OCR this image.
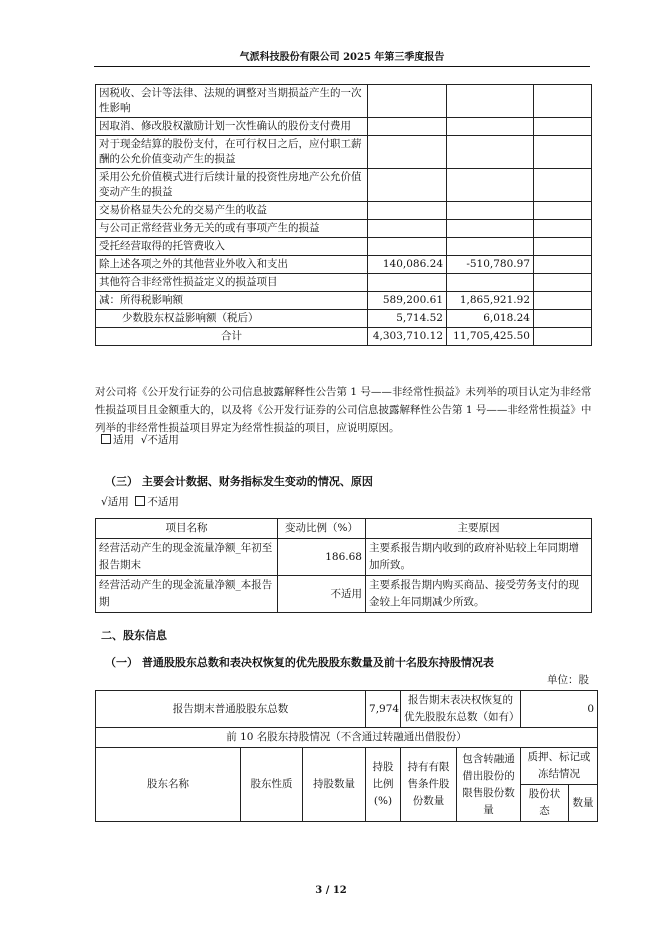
气派科技股份有限公司 2025 年第三季度报告
因税收、会计等法律、法规的调整对当期损益产生的一次性影响			
因取消、修改股权激励计划一次性确认的股份支付费用			
对于现金结算的股份支付，在可行权日之后，应付职工薪酬的公允价值变动产生的损益			
采用公允价值模式进行后续计量的投资性房地产公允价值变动产生的损益			
交易价格显失公允的交易产生的收益			
与公司正常经营业务无关的或有事项产生的损益			
受托经营取得的托管费收入			
除上述各项之外的其他营业外收入和支出	140,086.24	-510,780.97	
其他符合非经常性损益定义的损益项目			
减：所得税影响额	589,200.61	1,865,921.92	
少数股东权益影响额（税后）	5,714.52	6,018.24	
合计	4,303,710.12	11,705,425.50	

对公司将《公开发行证券的公司信息披露解释性公告第 1 号——非经常性损益》未列举的项目认定为非经常性损益项目且金额重大的，以及将《公开发行证券的公司信息披露解释性公告第 1 号——非经常性损益》中列举的非经常性损益项目界定为经常性损益的项目，应说明原因。

适用 √不适用
（三） 主要会计数据、财务指标发生变动的情况、原因
√适用 不适用
项目名称	变动比例（%）	主要原因
经营活动产生的现金流量净额_年初至报告期末	186.68	主要系报告期内收到的政府补贴较上年同期增加所致。
经营活动产生的现金流量净额_本报告期	不适用	主要系报告期内购买商品、接受劳务支付的现金较上年同期减少所致。
二、股东信息
（一） 普通股股东总数和表决权恢复的优先股股东数量及前十名股东持股情况表
单位：股
报告期末普通股股东总数			7,974	报告期末表决权恢复的优先股股东总数（如有）		0	
前 10 名股东持股情况（不含通过转融通出借股份）							
股东名称	股东性质	持股数量	持股比例(%)	持有有限售条件股份数量	包含转融通借出股份的限售股份数量	质押、标记或冻结情况	
						股份状态	数量
3 / 12
